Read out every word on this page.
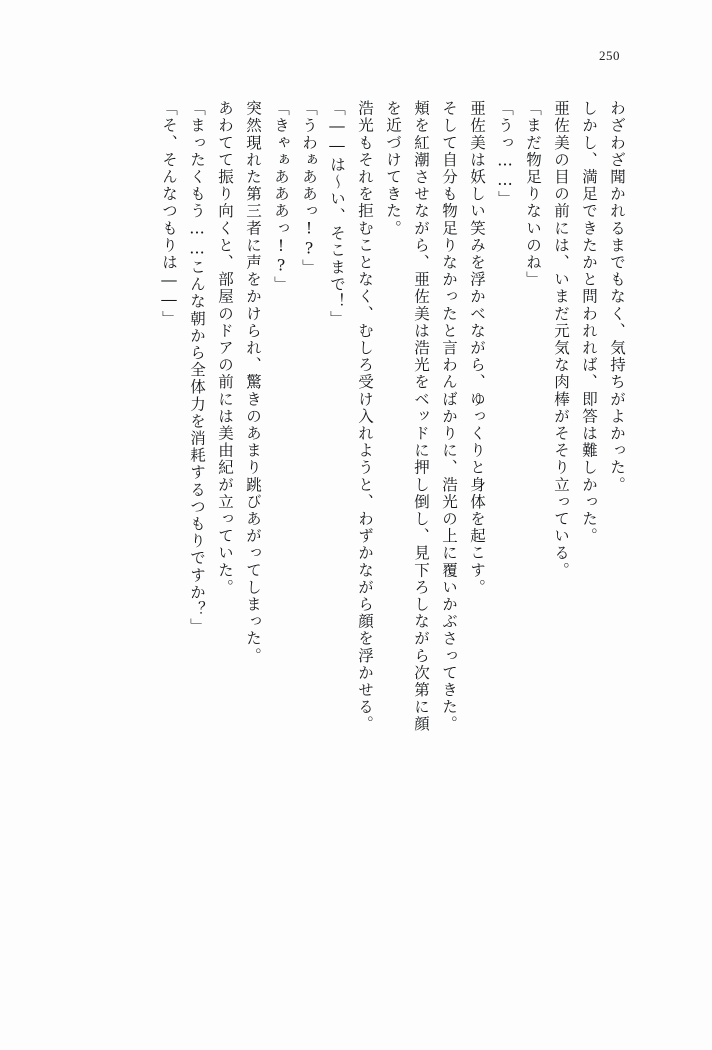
250
わざわざ聞かれるまでもなく、気持ちがよかった。
しかし、満足できたかと問われれば、即答は難しかった。
亜佐美の目の前には、いまだ元気な肉棒がそそり立っている。
「まだ物足りないのね」
「うっ……」
亜佐美は妖しい笑みを浮かべながら、ゆっくりと身体を起こす。
そして自分も物足りなかったと言わんばかりに、浩光の上に覆いかぶさってきた。
頬を紅潮させながら、亜佐美は浩光をベッドに押し倒し、見下ろしながら次第に顔
を近づけてきた。
浩光もそれを拒むことなく、むしろ受け入れようと、わずかながら顔を浮かせる。
「――は～い、そこまで！」
「うわぁああっ!?」
「きゃぁあああっ!?」
突然現れた第三者に声をかけられ、驚きのあまり跳びあがってしまった。
あわてて振り向くと、部屋のドアの前には美由紀が立っていた。
「まったくもう……こんな朝から全体力を消耗するつもりですか？」
「そ、そんなつもりは――」
